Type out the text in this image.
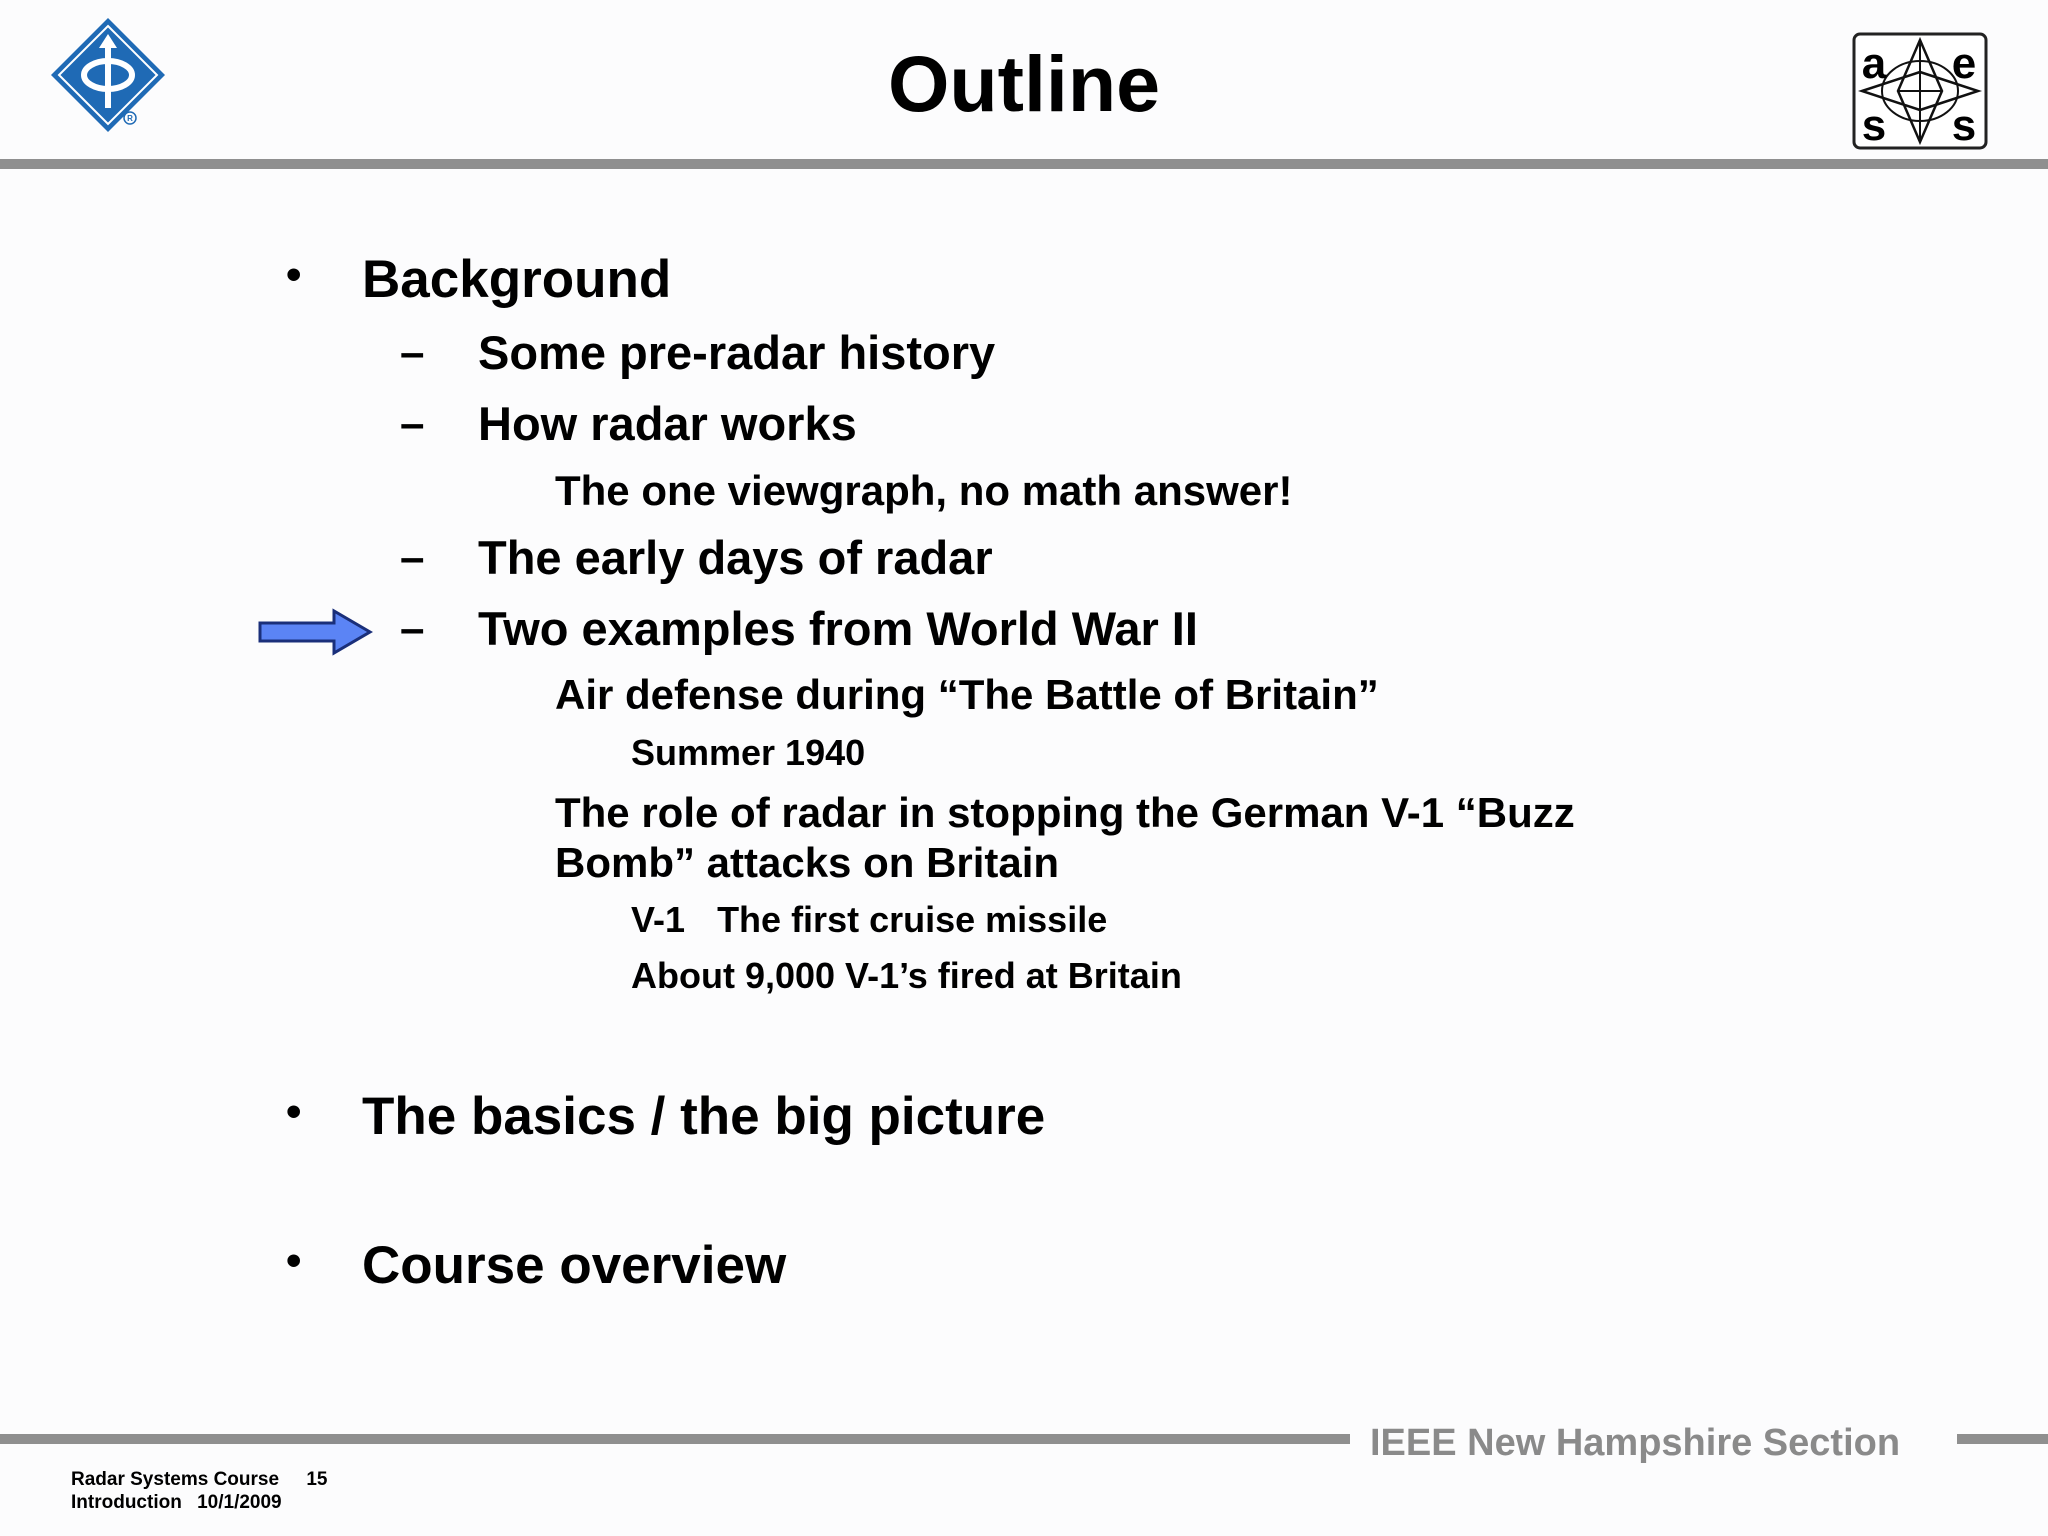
R	Outline	a e
s s
• Background
– Some pre-radar history
– How radar works
The one viewgraph, no math answer!
– The early days of radar
– Two examples from World War II
Air defense during “The Battle of Britain”
Summer 1940
The role of radar in stopping the German V-1 “Buzz
Bomb” attacks on Britain
V-1 The first cruise missile
About 9,000 V-1’s fired at Britain
• The basics / the big picture
• Course overview
IEEE New Hampshire Section
Radar Systems Course 15
Introduction 10/1/2009
